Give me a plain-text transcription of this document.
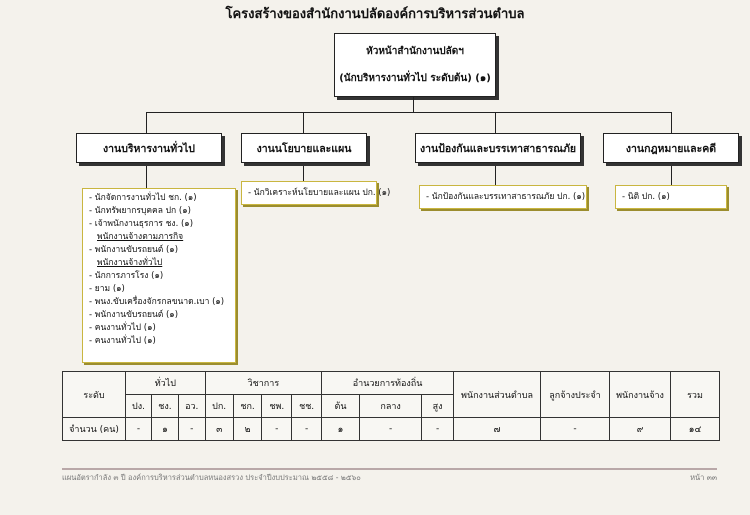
โครงสร้างของสำนักงานปลัดองค์การบริหารส่วนตำบล
หัวหน้าสำนักงานปลัดฯ
(นักบริหารงานทั่วไป ระดับต้น) (๑)
งานบริหารงานทั่วไป	งานนโยบายและแผน	งานป้องกันและบรรเทาสาธารณภัย	งานกฎหมายและคดี
- นักจัดการงานทั่วไป ชก. (๑)
- นักทรัพยากรบุคคล ปก (๑)
- เจ้าพนักงานธุรการ ชง. (๑)
พนักงานจ้างตามภารกิจ
- พนักงานขับรถยนต์ (๑)
พนักงานจ้างทั่วไป
- นักการภารโรง (๑)
- ยาม (๑)
- พนง.ขับเครื่องจักรกลขนาด.เบา (๑)
- พนักงานขับรถยนต์ (๑)
- คนงานทั่วไป (๑)
- คนงานทั่วไป (๑)
- นักวิเคราะห์นโยบายและแผน ปก. (๑)	- นักป้องกันและบรรเทาสาธารณภัย ปก. (๑)	- นิติ ปก. (๑)
ระดับ	ทั่วไป			วิชาการ				อำนวยการท้องถิ่น			พนักงานส่วนตำบล	ลูกจ้างประจำ	พนักงานจ้าง	รวม
	ปง.	ชง.	อว.	ปก.	ชก.	ชพ.	ชช.	ต้น	กลาง	สูง				
จำนวน (คน)	-	๑	-	๓	๒	-	-	๑	-	-	๗	-	๙	๑๔
แผนอัตรากำลัง ๓ ปี องค์การบริหารส่วนตำบลหนองสรวง ประจำปีงบประมาณ ๒๕๕๘ - ๒๕๖๐	หน้า ๓๓
